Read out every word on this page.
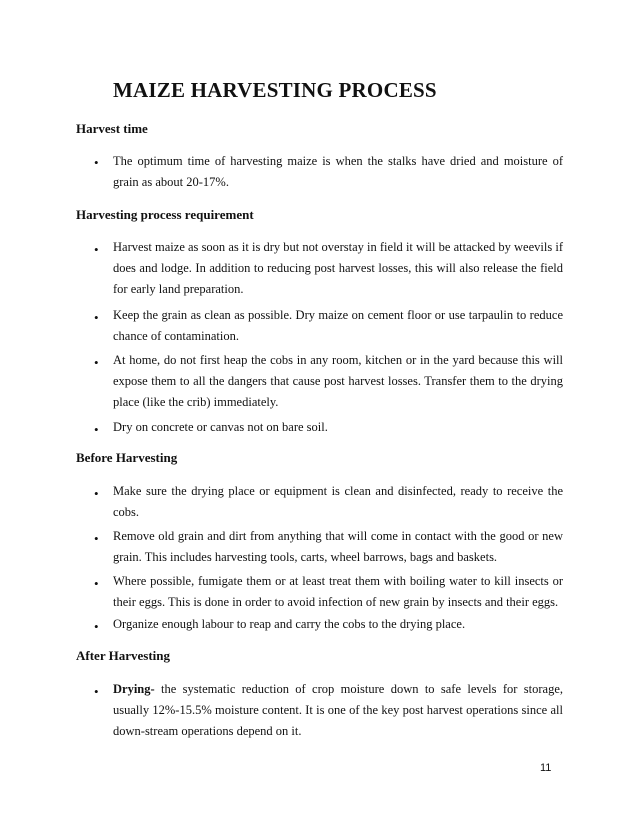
MAIZE HARVESTING PROCESS
Harvest time
• The optimum time of harvesting maize is when the stalks have dried and moisture of grain as about 20-17%.
Harvesting process requirement
• Harvest maize as soon as it is dry but not overstay in field it will be attacked by weevils if does and lodge. In addition to reducing post harvest losses, this will also release the field for early land preparation.
• Keep the grain as clean as possible. Dry maize on cement floor or use tarpaulin to reduce chance of contamination.
• At home, do not first heap the cobs in any room, kitchen or in the yard because this will expose them to all the dangers that cause post harvest losses. Transfer them to the drying place (like the crib) immediately.
• Dry on concrete or canvas not on bare soil.
Before Harvesting
• Make sure the drying place or equipment is clean and disinfected, ready to receive the cobs.
• Remove old grain and dirt from anything that will come in contact with the good or new grain. This includes harvesting tools, carts, wheel barrows, bags and baskets.
• Where possible, fumigate them or at least treat them with boiling water to kill insects or their eggs. This is done in order to avoid infection of new grain by insects and their eggs.
• Organize enough labour to reap and carry the cobs to the drying place.
After Harvesting
• Drying- the systematic reduction of crop moisture down to safe levels for storage, usually 12%-15.5% moisture content. It is one of the key post harvest operations since all down-stream operations depend on it.
11
